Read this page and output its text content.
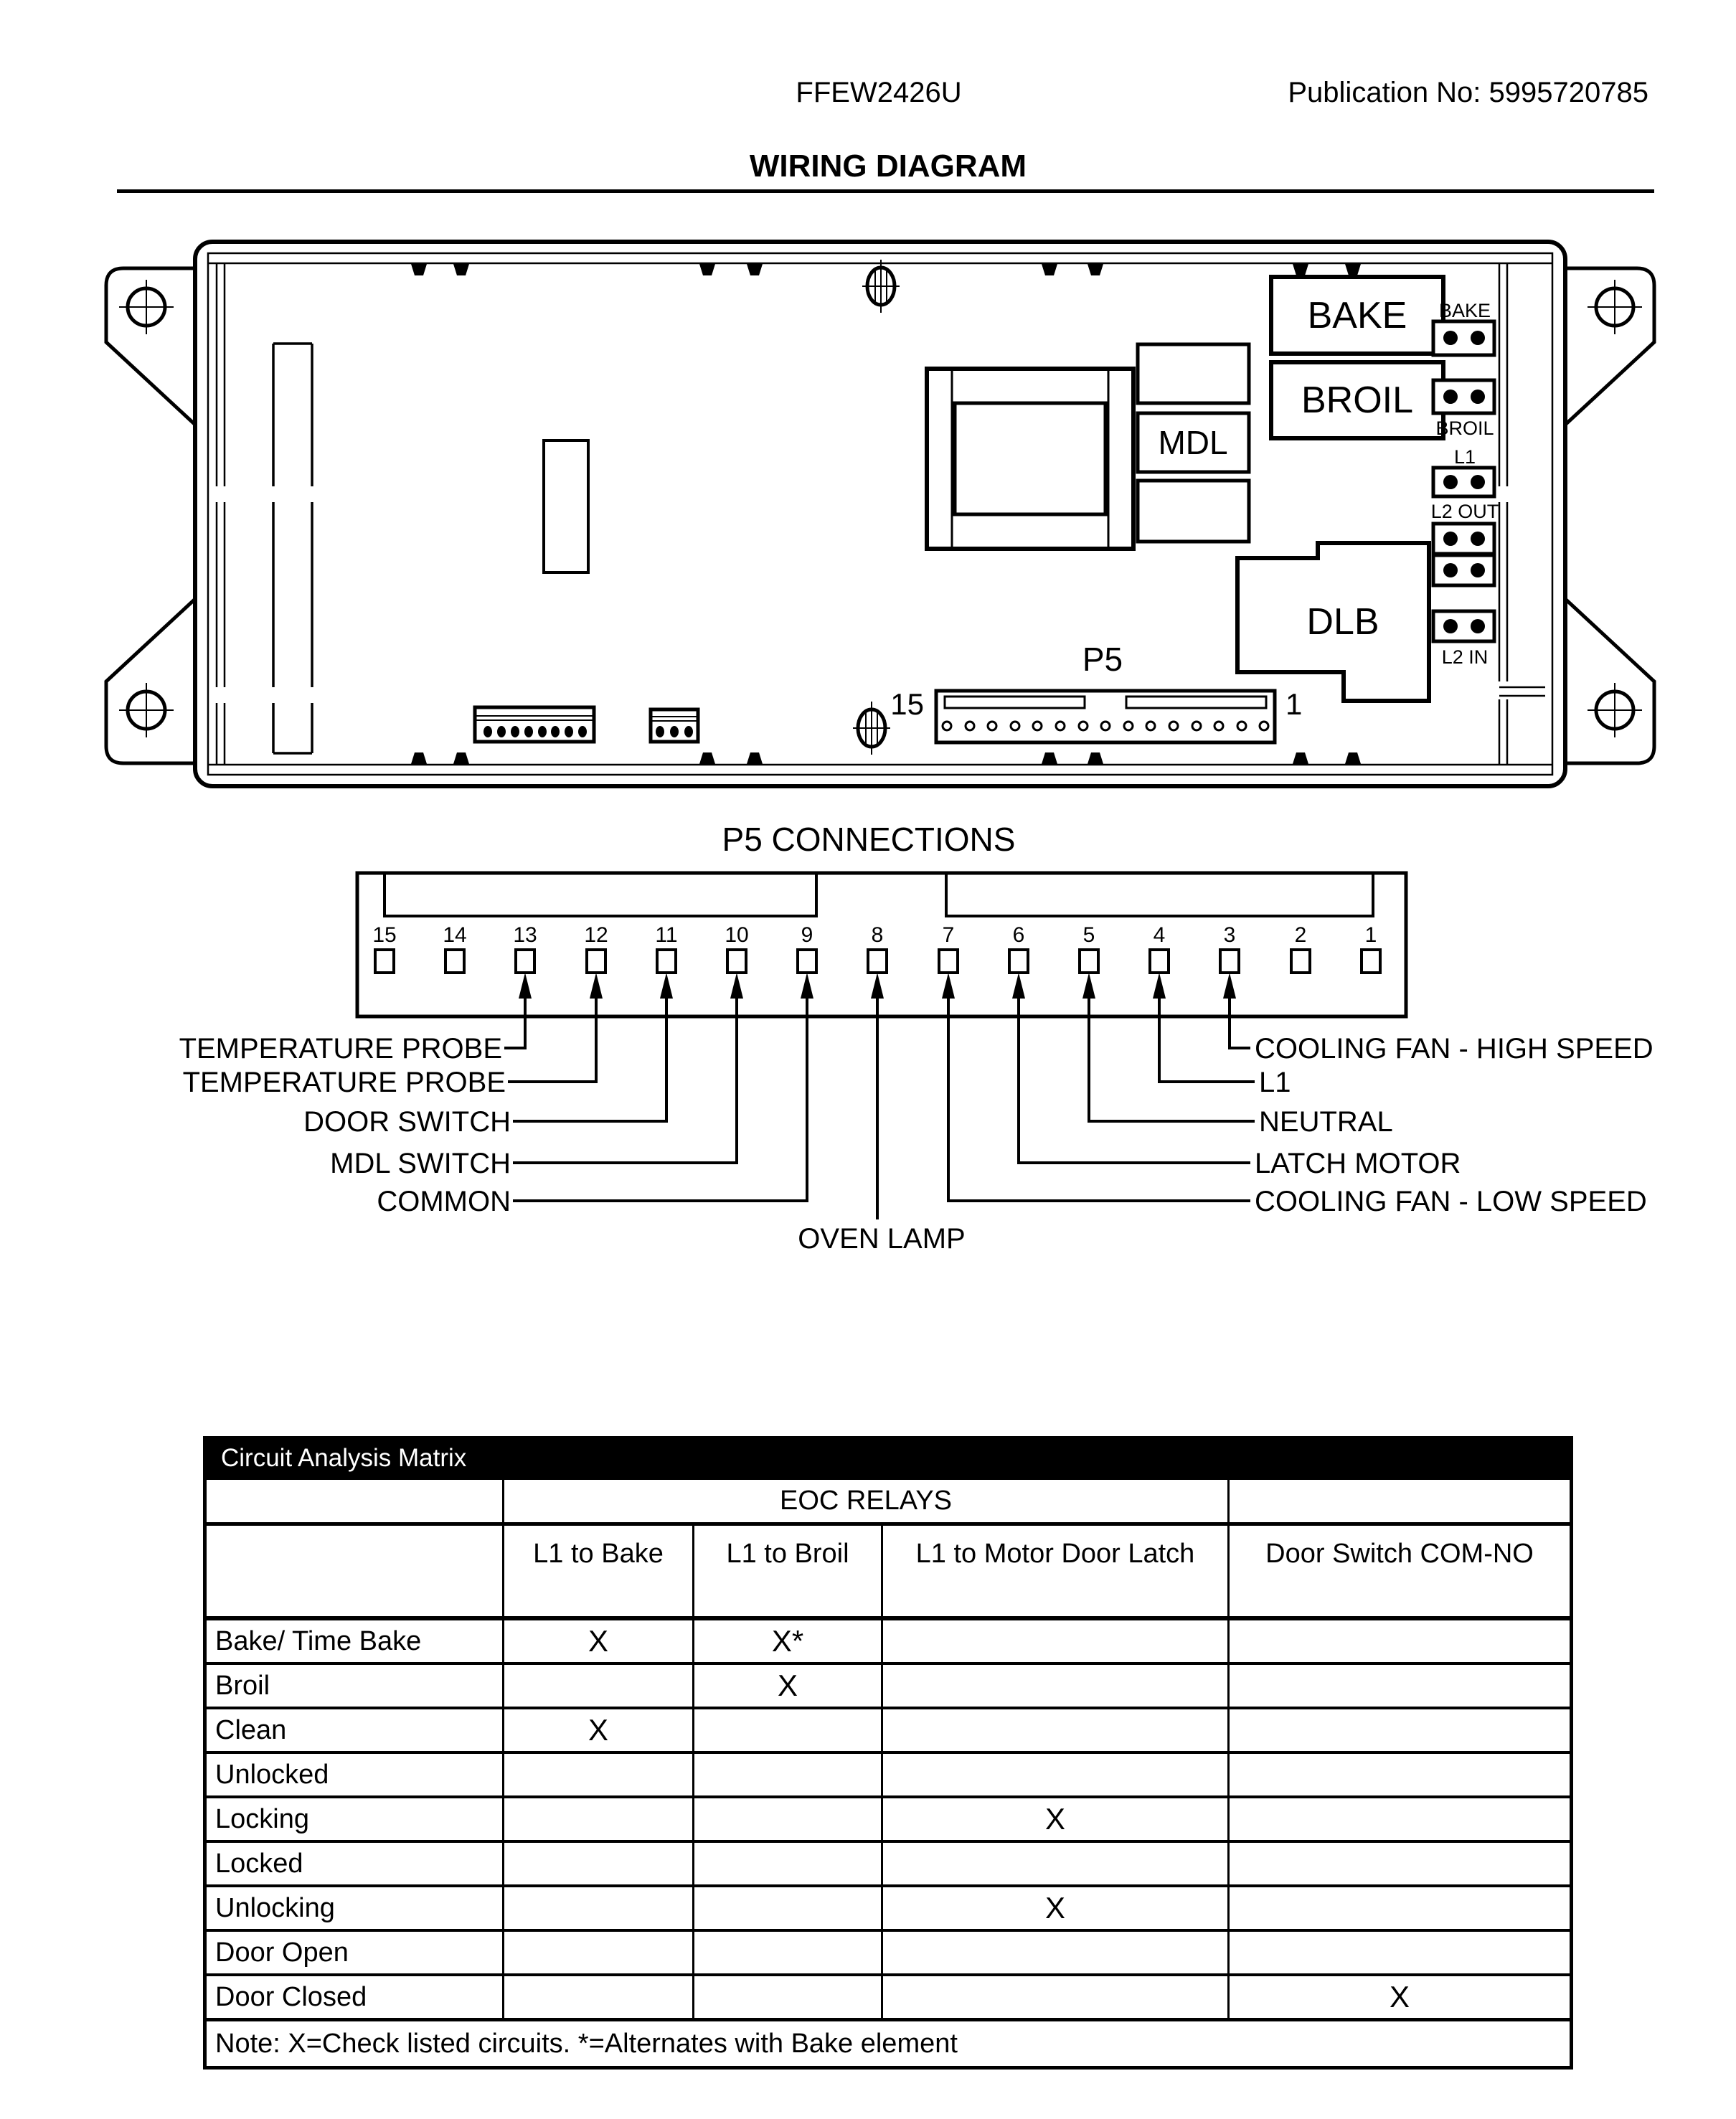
FFEW2426U	Publication No: 5995720785
WIRING DIAGRAM
MDL
BAKE
BROIL
DLB
BAKE
BROIL
L1
L2 OUT
L2 IN
P5
15	1
P5 CONNECTIONS
15 14 13 12 11 10 9	8	7	6	5	4	3	2	1
TEMPERATURE PROBE
TEMPERATURE PROBE
DOOR SWITCH
MDL SWITCH
COMMON
OVEN LAMP
COOLING FAN - HIGH SPEED
L1
NEUTRAL
LATCH MOTOR
COOLING FAN - LOW SPEED
Circuit Analysis Matrix				
	EOC RELAYS			
	L1 to Bake	L1 to Broil	L1 to Motor Door Latch	Door Switch COM-NO
Bake/ Time Bake	X	X*		
Broil		X		
Clean	X			
Unlocked				
Locking			X	
Locked				
Unlocking			X	
Door Open				
Door Closed				X
Note: X=Check listed circuits. *=Alternates with Bake element				
